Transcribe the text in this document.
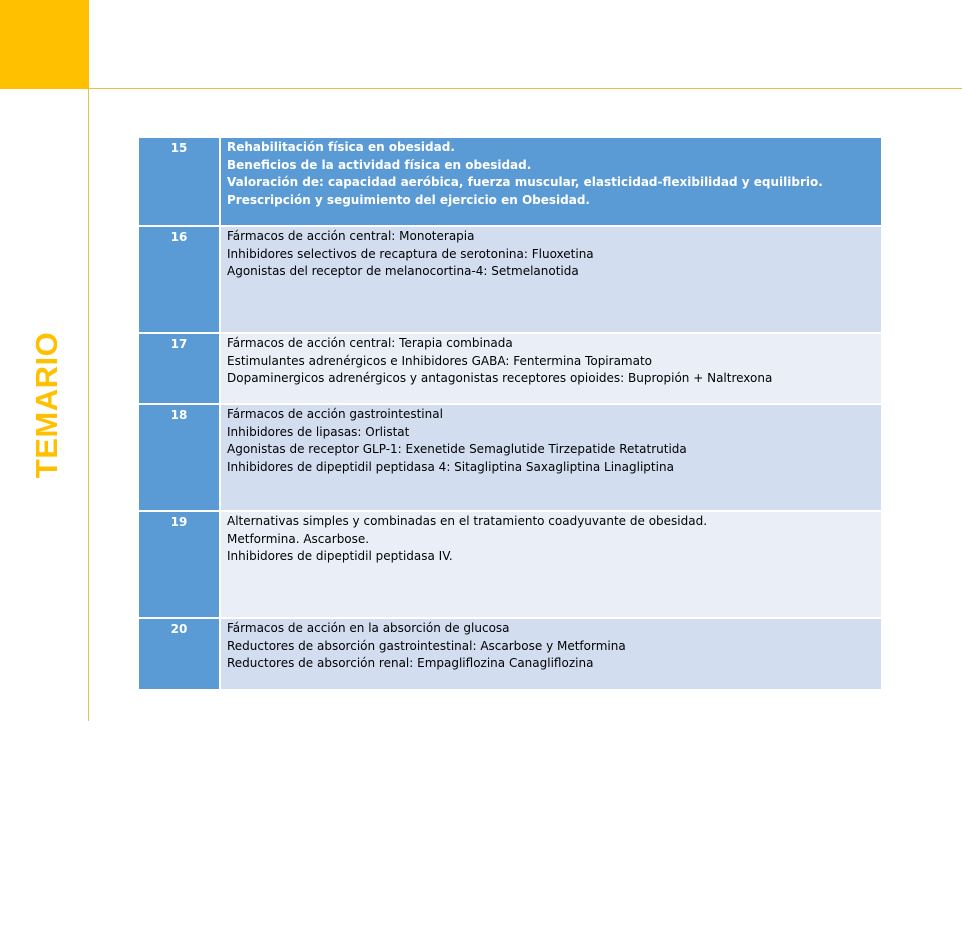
TEMARIO
15	Rehabilitación física en obesidad.
Beneficios de la actividad física en obesidad.
Valoración de: capacidad aeróbica, fuerza muscular, elasticidad-flexibilidad y equilibrio.
Prescripción y seguimiento del ejercicio en Obesidad.

16	Fármacos de acción central: Monoterapia
Inhibidores selectivos de recaptura de serotonina: Fluoxetina
Agonistas del receptor de melanocortina-4: Setmelanotida

17	Fármacos de acción central: Terapia combinada
Estimulantes adrenérgicos e Inhibidores GABA: Fentermina Topiramato
Dopaminergicos adrenérgicos y antagonistas receptores opioides: Bupropión + Naltrexona

18	Fármacos de acción gastrointestinal
Inhibidores de lipasas: Orlistat
Agonistas de receptor GLP-1: Exenetide Semaglutide Tirzepatide Retatrutida
Inhibidores de dipeptidil peptidasa 4: Sitagliptina Saxagliptina Linagliptina

19	Alternativas simples y combinadas en el tratamiento coadyuvante de obesidad.
Metformina. Ascarbose.
Inhibidores de dipeptidil peptidasa IV.

20	Fármacos de acción en la absorción de glucosa
Reductores de absorción gastrointestinal: Ascarbose y Metformina
Reductores de absorción renal: Empagliflozina Canagliflozina
